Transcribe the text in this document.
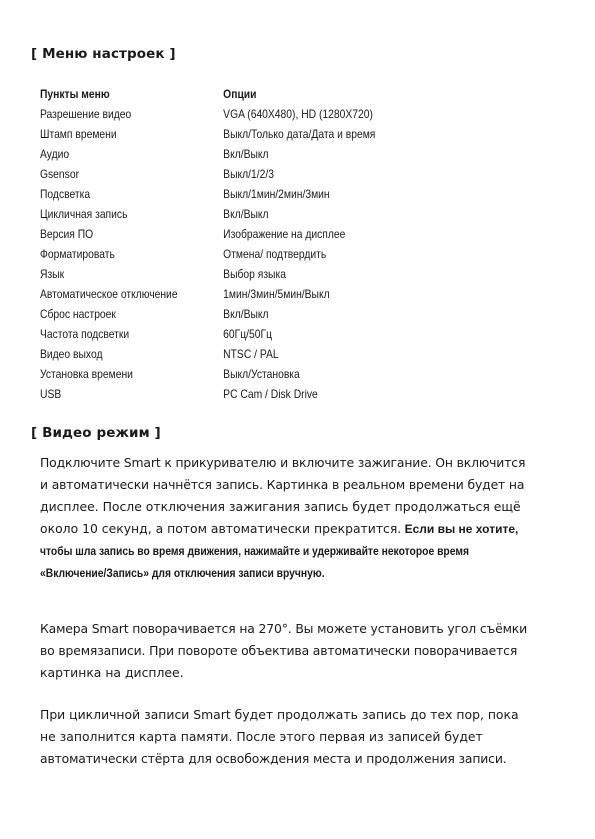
[ Меню настроек ]
Пункты меню	Опции
Разрешение видео	VGA (640X480), HD (1280X720)
Штамп времени	Выкл/Только дата/Дата и время
Аудио	Вкл/Выкл
Gsensor	Выкл/1/2/3
Подсветка	Выкл/1мин/2мин/3мин
Цикличная запись	Вкл/Выкл
Версия ПО	Изображение на дисплее
Форматировать	Отмена/ подтвердить
Язык	Выбор языка
Автоматическое отключение	1мин/3мин/5мин/Выкл
Сброс настроек	Вкл/Выкл
Частота подсветки	60Гц/50Гц
Видео выход	NTSC / PAL
Установка времени	Выкл/Установка
USB	PC Cam / Disk Drive
[ Видео режим ]

Подключите Smart к прикуривателю и включите зажигание. Он включится
и автоматически начнётся запись. Картинка в реальном времени будет на
дисплее. После отключения зажигания запись будет продолжаться ещё
около 10 секунд, а потом автоматически прекратится. Если вы не хотите,
чтобы шла запись во время движения, нажимайте и удерживайте некоторое время
«Включение/Запись» для отключения записи вручную.

Камера Smart поворачивается на 270°. Вы можете установить угол съёмки
во времязаписи. При повороте объектива автоматически поворачивается
картинка на дисплее.

При цикличной записи Smart будет продолжать запись до тех пор, пока
не заполнится карта памяти. После этого первая из записей будет
автоматически стёрта для освобождения места и продолжения записи.
